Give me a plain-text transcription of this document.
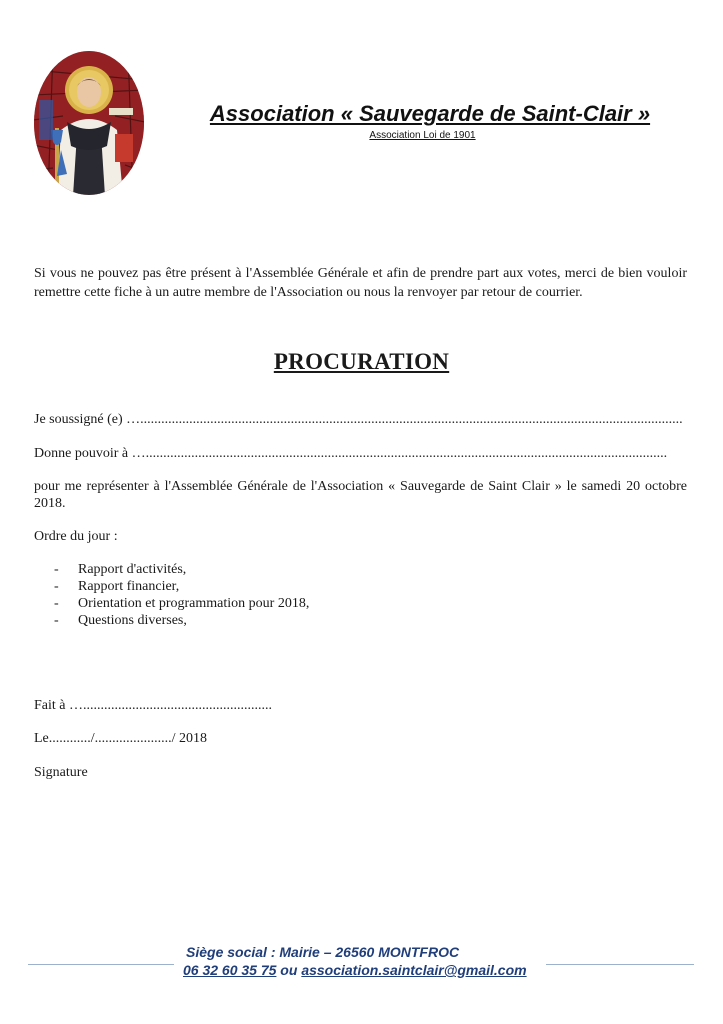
Association « Sauvegarde de Saint-Clair »
Association Loi de 1901
Si vous ne pouvez pas être présent à l'Assemblée Générale et afin de prendre part aux votes, merci de bien vouloir remettre cette fiche à un autre membre de l'Association ou nous la renvoyer par retour de courrier.
PROCURATION
Je soussigné (e) …...........................................................................................................................................................
Donne pouvoir à ….....................................................................................................................................................
pour me représenter à l'Assemblée Générale de l'Association « Sauvegarde de Saint Clair » le samedi 20 octobre 2018.
Ordre du jour :
-	Rapport d'activités,
-	Rapport financier,
-	Orientation et programmation pour 2018,
-	Questions diverses,
Fait à …......................................................
Le............/....................../ 2018
Signature
Siège social : Mairie – 26560 MONTFROC
06 32 60 35 75 ou association.saintclair@gmail.com
